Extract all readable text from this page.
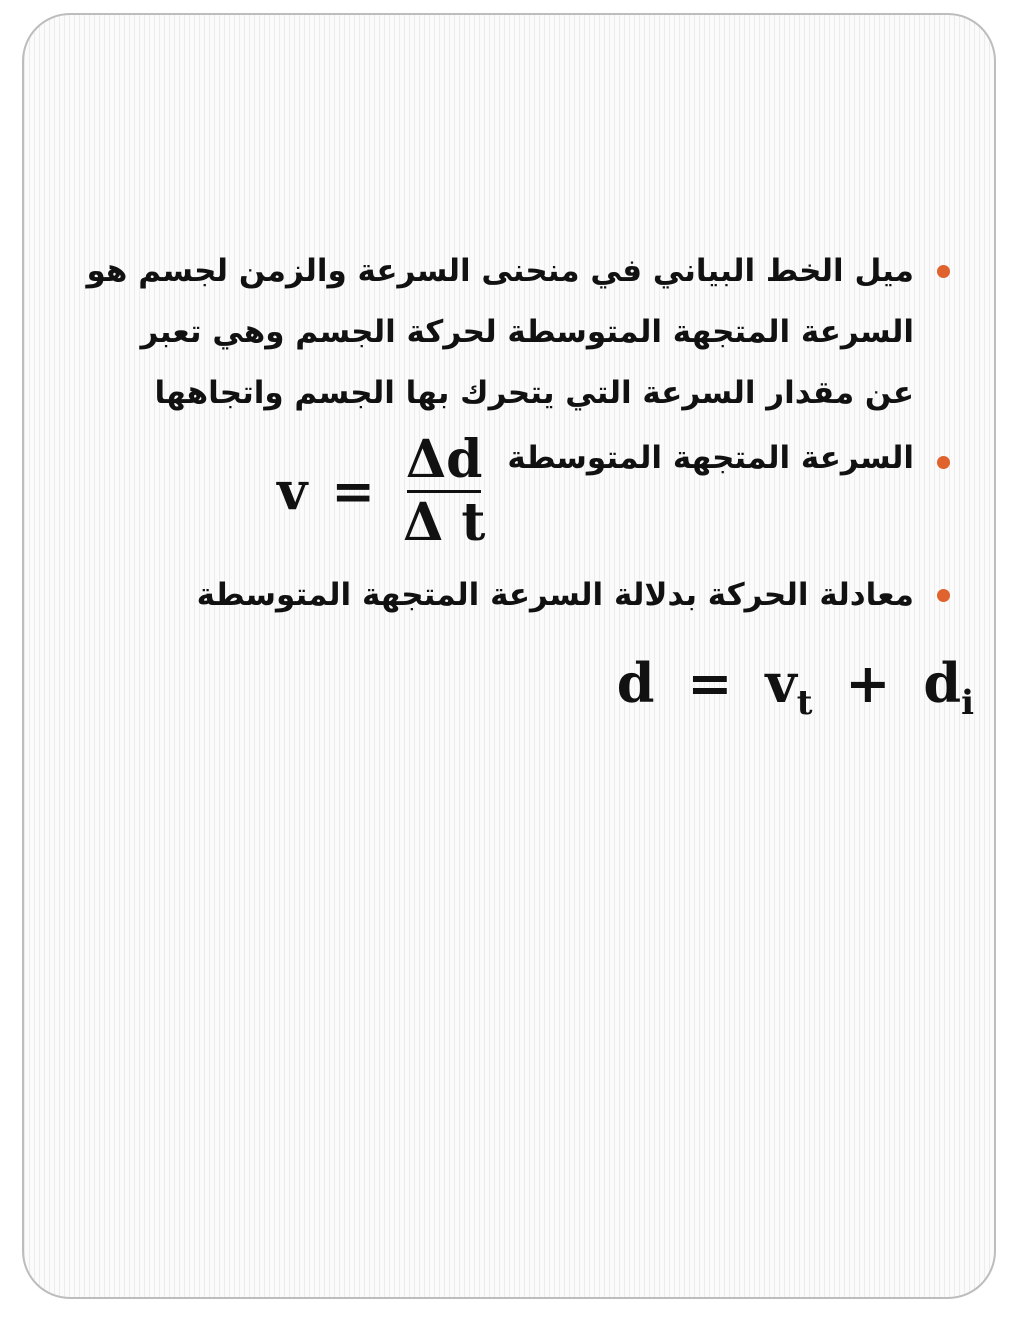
ميل الخط البياني في منحنى السرعة والزمن لجسم هو السرعة المتجهة المتوسطة لحركة الجسم وهي تعبر عن مقدار السرعة التي يتحرك بها الجسم واتجاهها
السرعة المتجهة المتوسطة
$v = \frac{\Delta d}{\text{Δ t}}$
معادلة الحركة بدلالة السرعة المتجهة المتوسطة
$d = v_t + d_i$
